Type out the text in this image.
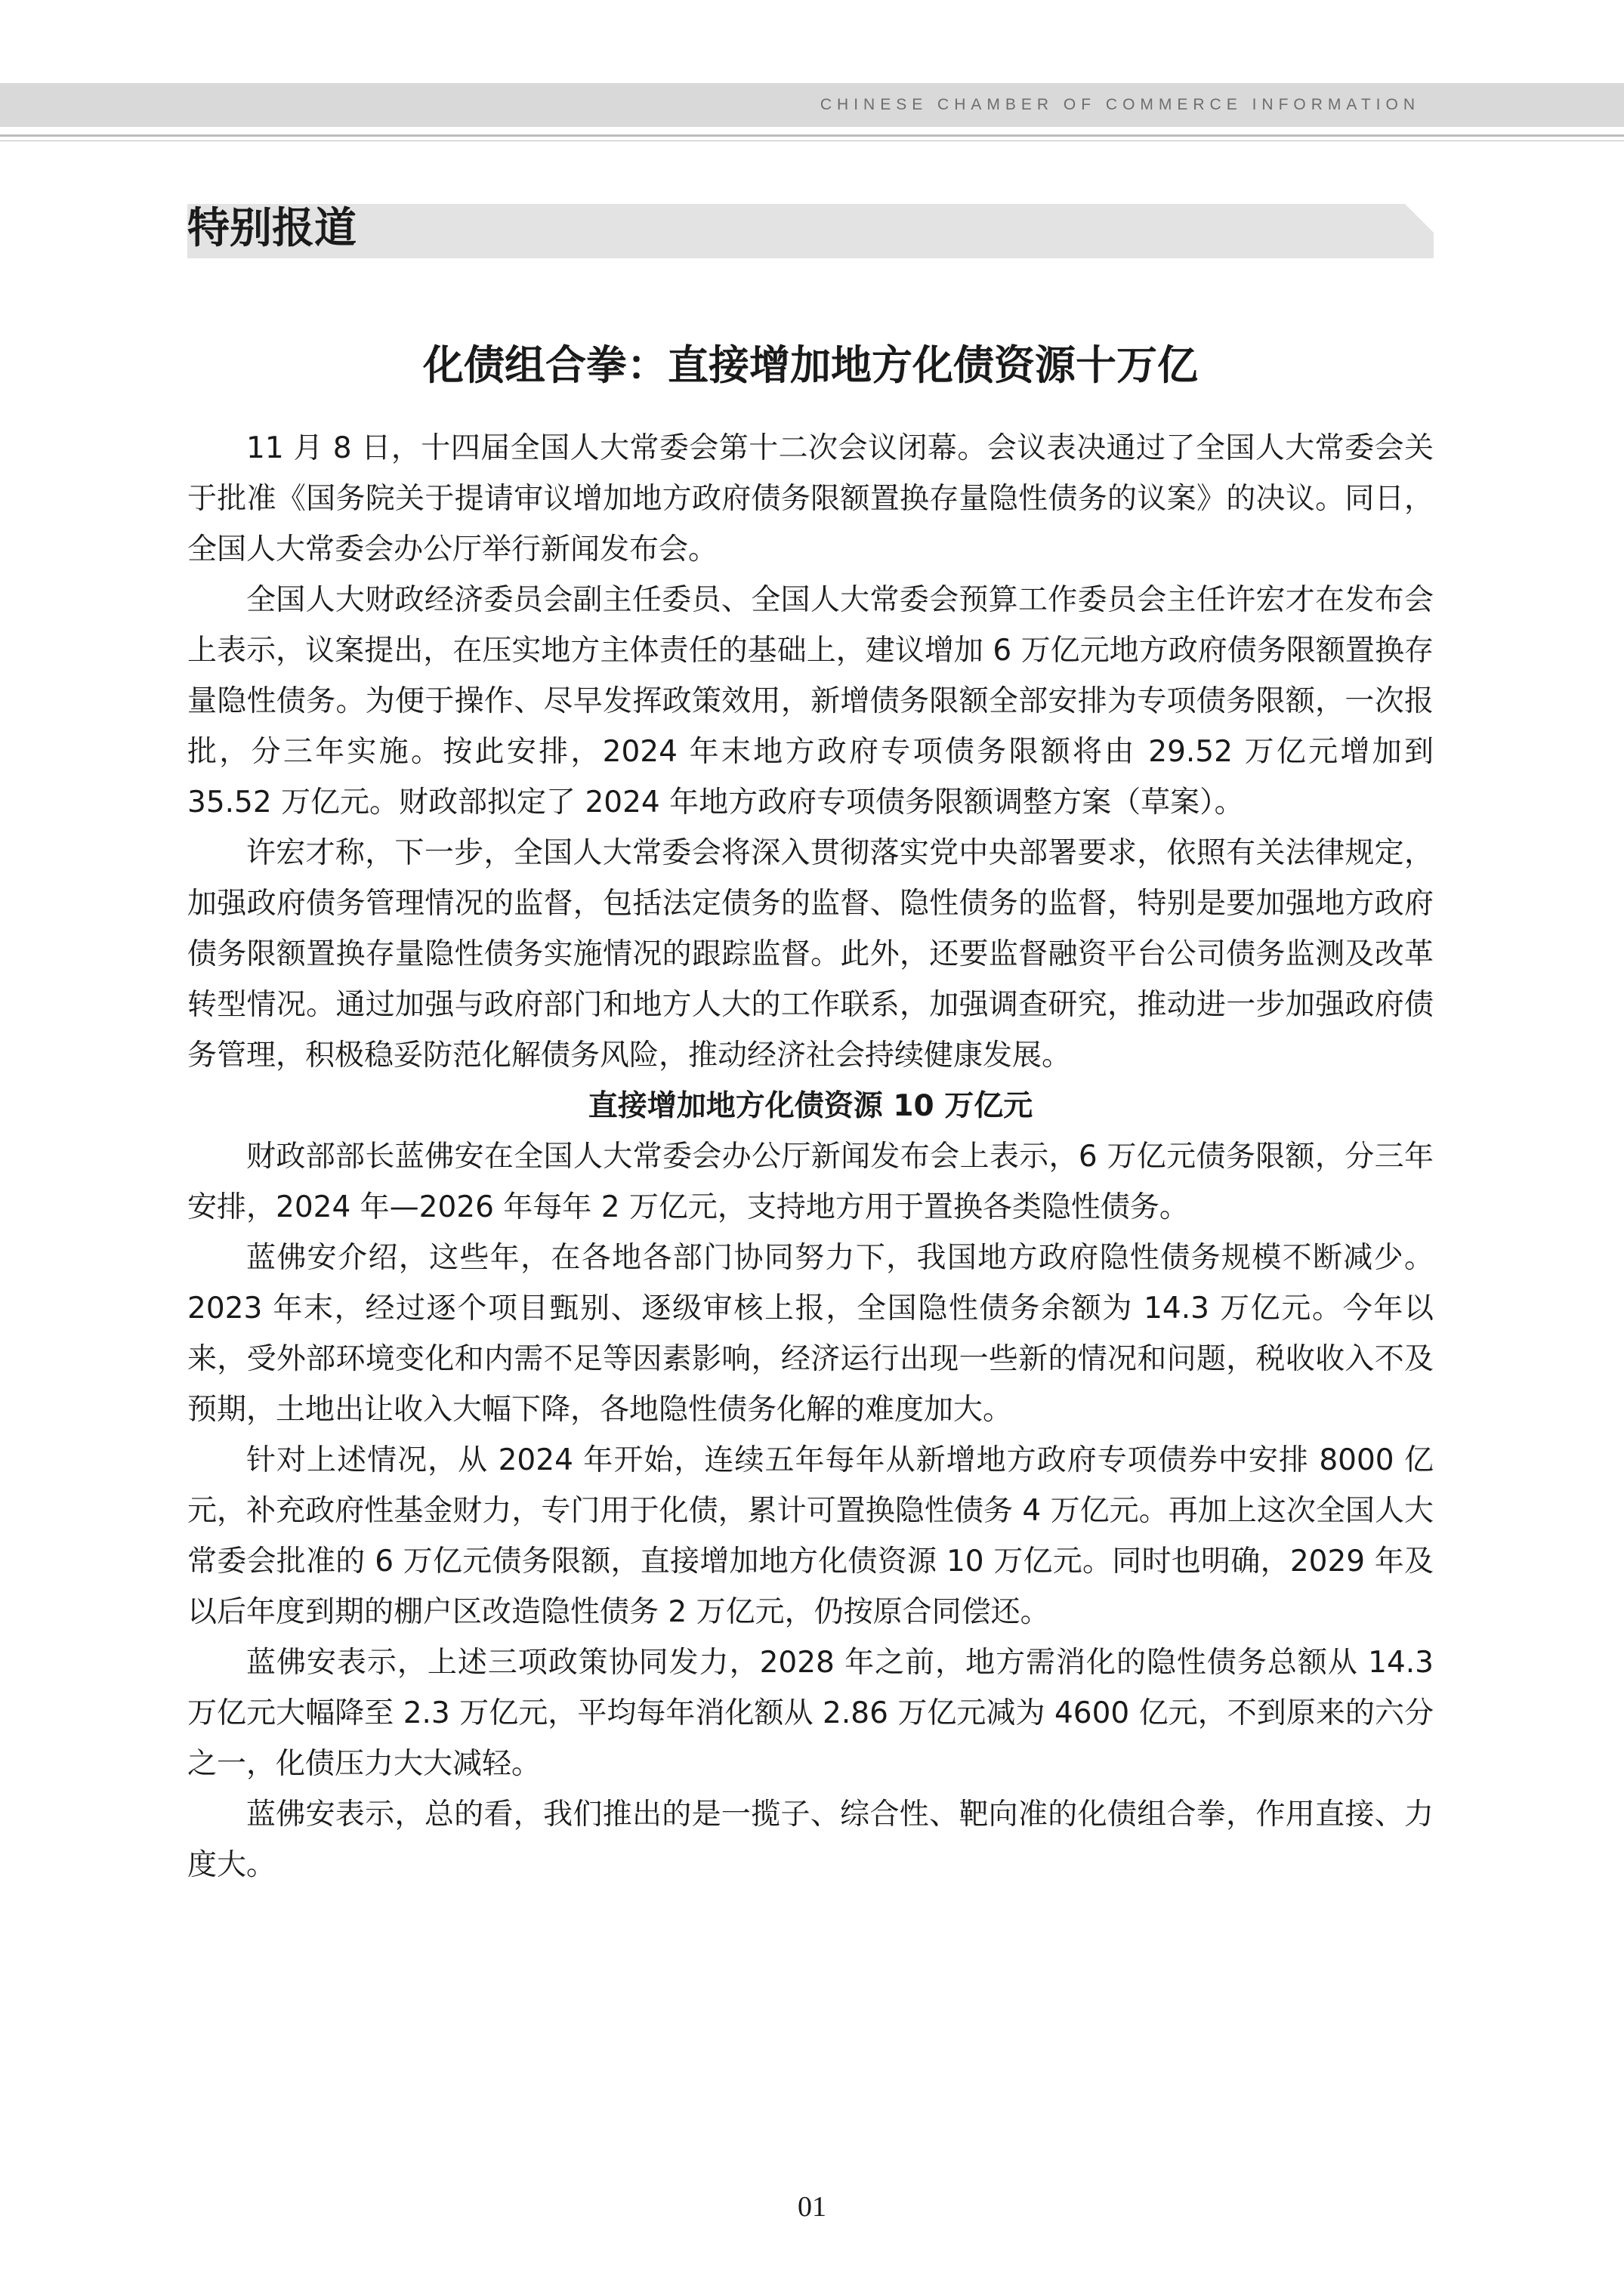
CHINESE CHAMBER OF COMMERCE INFORMATION
特别报道
化债组合拳：直接增加地方化债资源十万亿

11 月 8 日，十四届全国人大常委会第十二次会议闭幕。会议表决通过了全国人大常委会关于批准《国务院关于提请审议增加地方政府债务限额置换存量隐性债务的议案》的决议。同日，全国人大常委会办公厅举行新闻发布会。

全国人大财政经济委员会副主任委员、全国人大常委会预算工作委员会主任许宏才在发布会上表示，议案提出，在压实地方主体责任的基础上，建议增加 6 万亿元地方政府债务限额置换存量隐性债务。为便于操作、尽早发挥政策效用，新增债务限额全部安排为专项债务限额，一次报批，分三年实施。按此安排，2024 年末地方政府专项债务限额将由 29.52 万亿元增加到 35.52 万亿元。财政部拟定了 2024 年地方政府专项债务限额调整方案（草案）。

许宏才称，下一步，全国人大常委会将深入贯彻落实党中央部署要求，依照有关法律规定，加强政府债务管理情况的监督，包括法定债务的监督、隐性债务的监督，特别是要加强地方政府债务限额置换存量隐性债务实施情况的跟踪监督。此外，还要监督融资平台公司债务监测及改革转型情况。通过加强与政府部门和地方人大的工作联系，加强调查研究，推动进一步加强政府债务管理，积极稳妥防范化解债务风险，推动经济社会持续健康发展。

直接增加地方化债资源 10 万亿元

财政部部长蓝佛安在全国人大常委会办公厅新闻发布会上表示，6 万亿元债务限额，分三年安排，2024 年—2026 年每年 2 万亿元，支持地方用于置换各类隐性债务。

蓝佛安介绍，这些年，在各地各部门协同努力下，我国地方政府隐性债务规模不断减少。2023 年末，经过逐个项目甄别、逐级审核上报，全国隐性债务余额为 14.3 万亿元。今年以来，受外部环境变化和内需不足等因素影响，经济运行出现一些新的情况和问题，税收收入不及预期，土地出让收入大幅下降，各地隐性债务化解的难度加大。

针对上述情况，从 2024 年开始，连续五年每年从新增地方政府专项债券中安排 8000 亿元，补充政府性基金财力，专门用于化债，累计可置换隐性债务 4 万亿元。再加上这次全国人大常委会批准的 6 万亿元债务限额，直接增加地方化债资源 10 万亿元。同时也明确，2029 年及以后年度到期的棚户区改造隐性债务 2 万亿元，仍按原合同偿还。

蓝佛安表示，上述三项政策协同发力，2028 年之前，地方需消化的隐性债务总额从 14.3 万亿元大幅降至 2.3 万亿元，平均每年消化额从 2.86 万亿元减为 4600 亿元，不到原来的六分之一，化债压力大大减轻。

蓝佛安表示，总的看，我们推出的是一揽子、综合性、靶向准的化债组合拳，作用直接、力度大。

01
